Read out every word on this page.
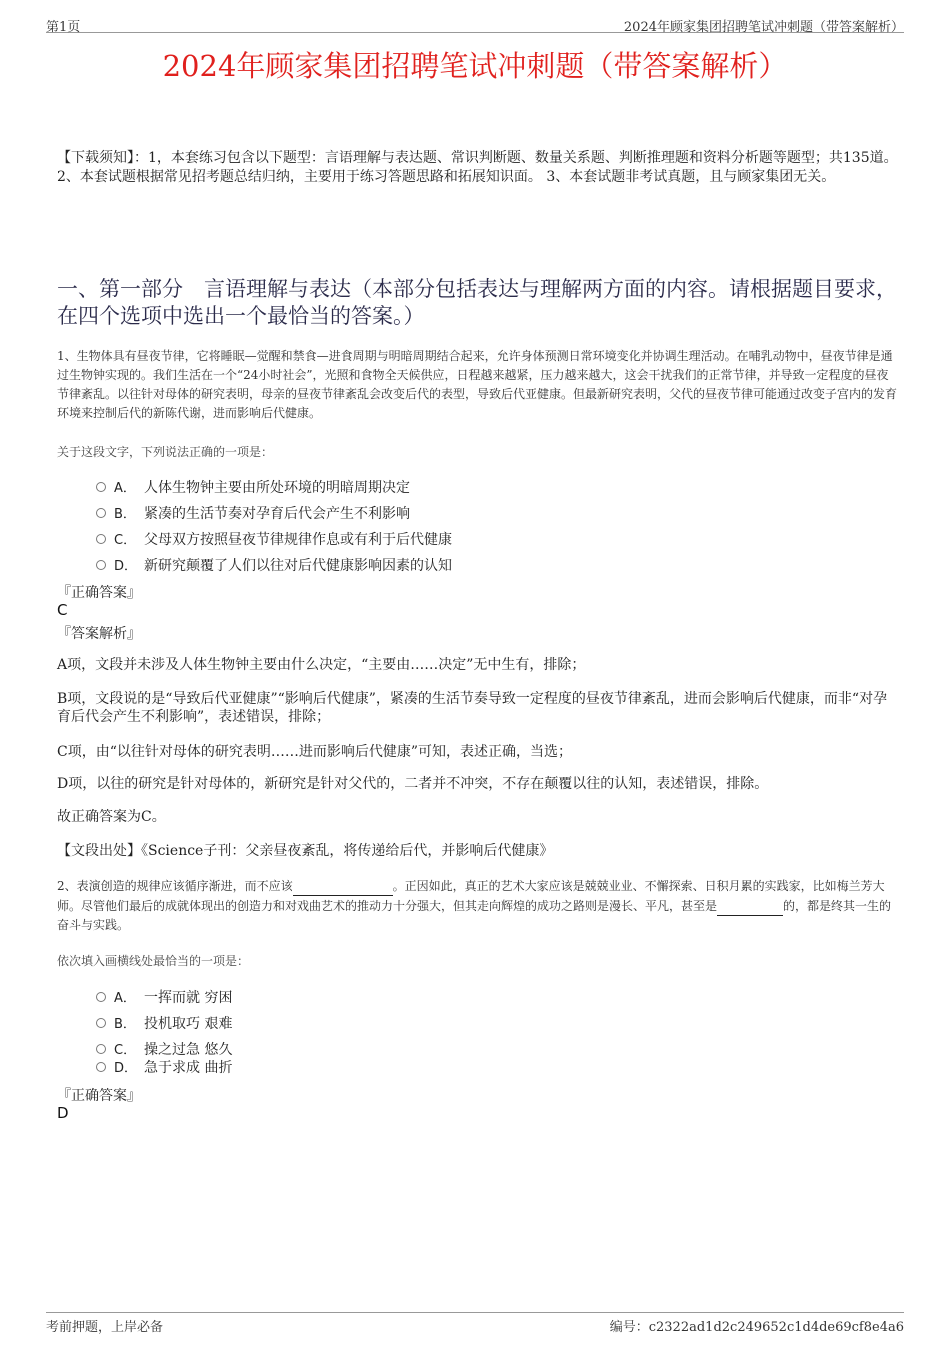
第1页	2024年顾家集团招聘笔试冲刺题（带答案解析）
2024年顾家集团招聘笔试冲刺题（带答案解析）
【下载须知】：1，本套练习包含以下题型：言语理解与表达题、常识判断题、数量关系题、判断推理题和资料分析题等题型；共135道。 2、本套试题根据常见招考题总结归纳，主要用于练习答题思路和拓展知识面。 3、本套试题非考试真题，且与顾家集团无关。
一、第一部分　言语理解与表达（本部分包括表达与理解两方面的内容。请根据题目要求，在四个选项中选出一个最恰当的答案。）
1、生物体具有昼夜节律，它将睡眠—觉醒和禁食—进食周期与明暗周期结合起来，允许身体预测日常环境变化并协调生理活动。在哺乳动物中，昼夜节律是通过生物钟实现的。我们生活在一个“24小时社会”，光照和食物全天候供应，日程越来越紧，压力越来越大，这会干扰我们的正常节律，并导致一定程度的昼夜节律紊乱。以往针对母体的研究表明，母亲的昼夜节律紊乱会改变后代的表型，导致后代亚健康。但最新研究表明，父代的昼夜节律可能通过改变子宫内的发育环境来控制后代的新陈代谢，进而影响后代健康。
关于这段文字，下列说法正确的一项是：
A． 人体生物钟主要由所处环境的明暗周期决定
B． 紧凑的生活节奏对孕育后代会产生不利影响
C． 父母双方按照昼夜节律规律作息或有利于后代健康
D． 新研究颠覆了人们以往对后代健康影响因素的认知
『正确答案』
C
『答案解析』
A项，文段并未涉及人体生物钟主要由什么决定，“主要由……决定”无中生有，排除；
B项，文段说的是“导致后代亚健康”“影响后代健康”，紧凑的生活节奏导致一定程度的昼夜节律紊乱，进而会影响后代健康，而非“对孕育后代会产生不利影响”，表述错误，排除；
C项，由“以往针对母体的研究表明……进而影响后代健康”可知，表述正确，当选；
D项，以往的研究是针对母体的，新研究是针对父代的，二者并不冲突，不存在颠覆以往的认知，表述错误，排除。
故正确答案为C。
【文段出处】《Science子刊：父亲昼夜紊乱，将传递给后代，并影响后代健康》
2、表演创造的规律应该循序渐进，而不应该	。正因如此，真正的艺术大家应该是兢兢业业、不懈探索、日积月累的实践家，比如梅兰芳大师。尽管他们最后的成就体现出的创造力和对戏曲艺术的推动力十分强大，但其走向辉煌的成功之路则是漫长、平凡，甚至是	的，都是终其一生的奋斗与实践。
依次填入画横线处最恰当的一项是：
A． 一挥而就 穷困
B． 投机取巧 艰难
C． 操之过急 悠久
D． 急于求成 曲折
『正确答案』
D
考前押题，上岸必备	编号：c2322ad1d2c249652c1d4de69cf8e4a6
